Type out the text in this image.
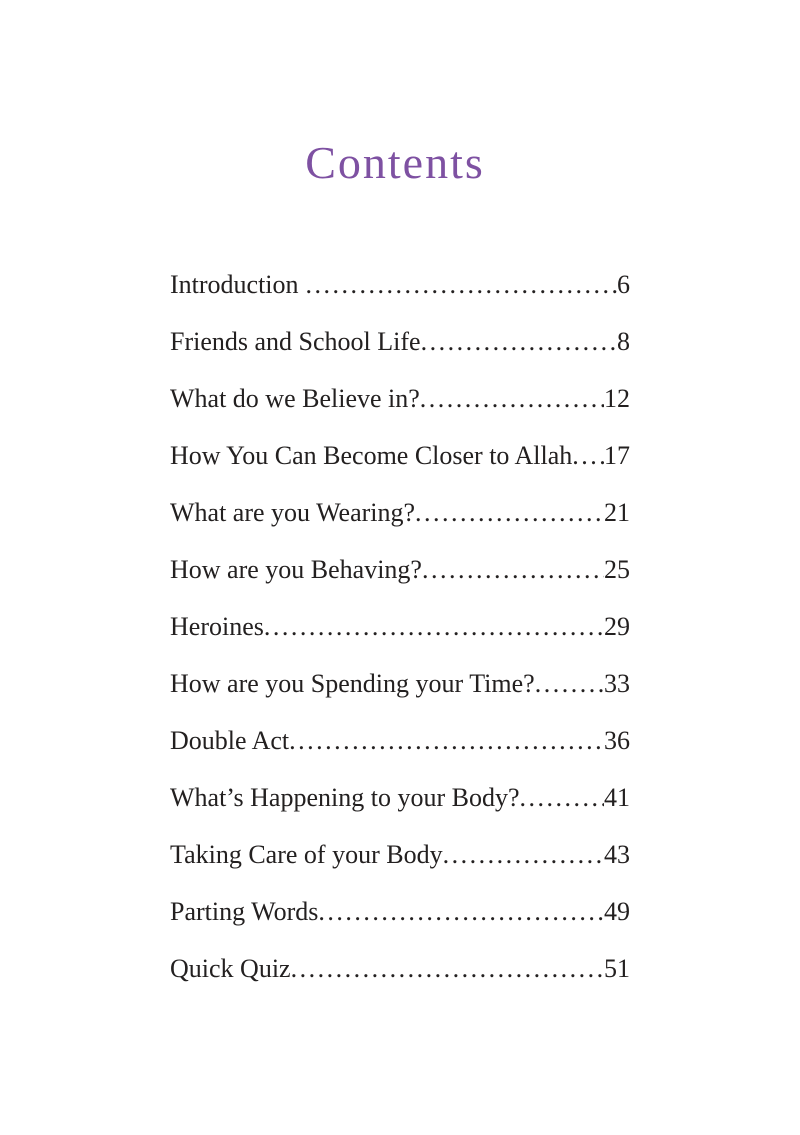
Contents
Introduction .....	6
Friends and School Life .....	8
What do we Believe in? .....	12
How You Can Become Closer to Allah ..... 17
What are you Wearing? .....	21
How are you Behaving? .....	25
Heroines .....	29
How are you Spending your Time? .....	33
Double Act .....	36
What’s Happening to your Body? .....	41
Taking Care of your Body .....	43
Parting Words .....	49
Quick Quiz .....	51
